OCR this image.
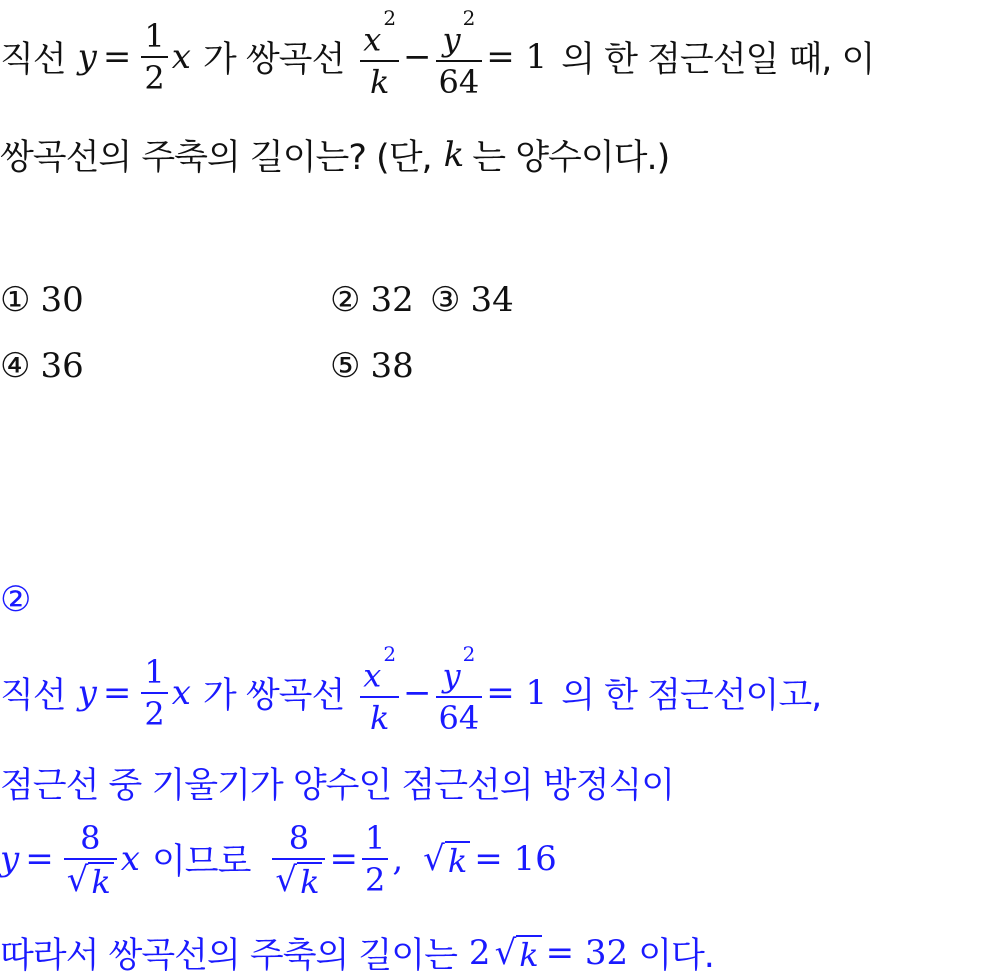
직선 $y = \frac{1}{2}$ x 가 쌍곡선 $\frac{x^2}{k} - \frac{y^2}{64} = 1$ 의 한 점근선일 때, 이
쌍곡선의 주축의 길이는? (단, k 는 양수이다.)
① 30	② 32 ③ 34
④ 36	⑤ 38
②
직선 $y = \frac{1}{2}$ x 가 쌍곡선 $\frac{x^2}{k} - \frac{y^2}{64} = 1$ 의 한 점근선이고,
점근선 중 기울기가 양수인 점근선의 방정식이
$y = \frac{8}{√ k}$ x 이므로 $\frac{8}{√ k} = \frac{1}{2}$ , √ k = 16
따라서 쌍곡선의 주축의 길이는 2 √ k = 32 이다.
